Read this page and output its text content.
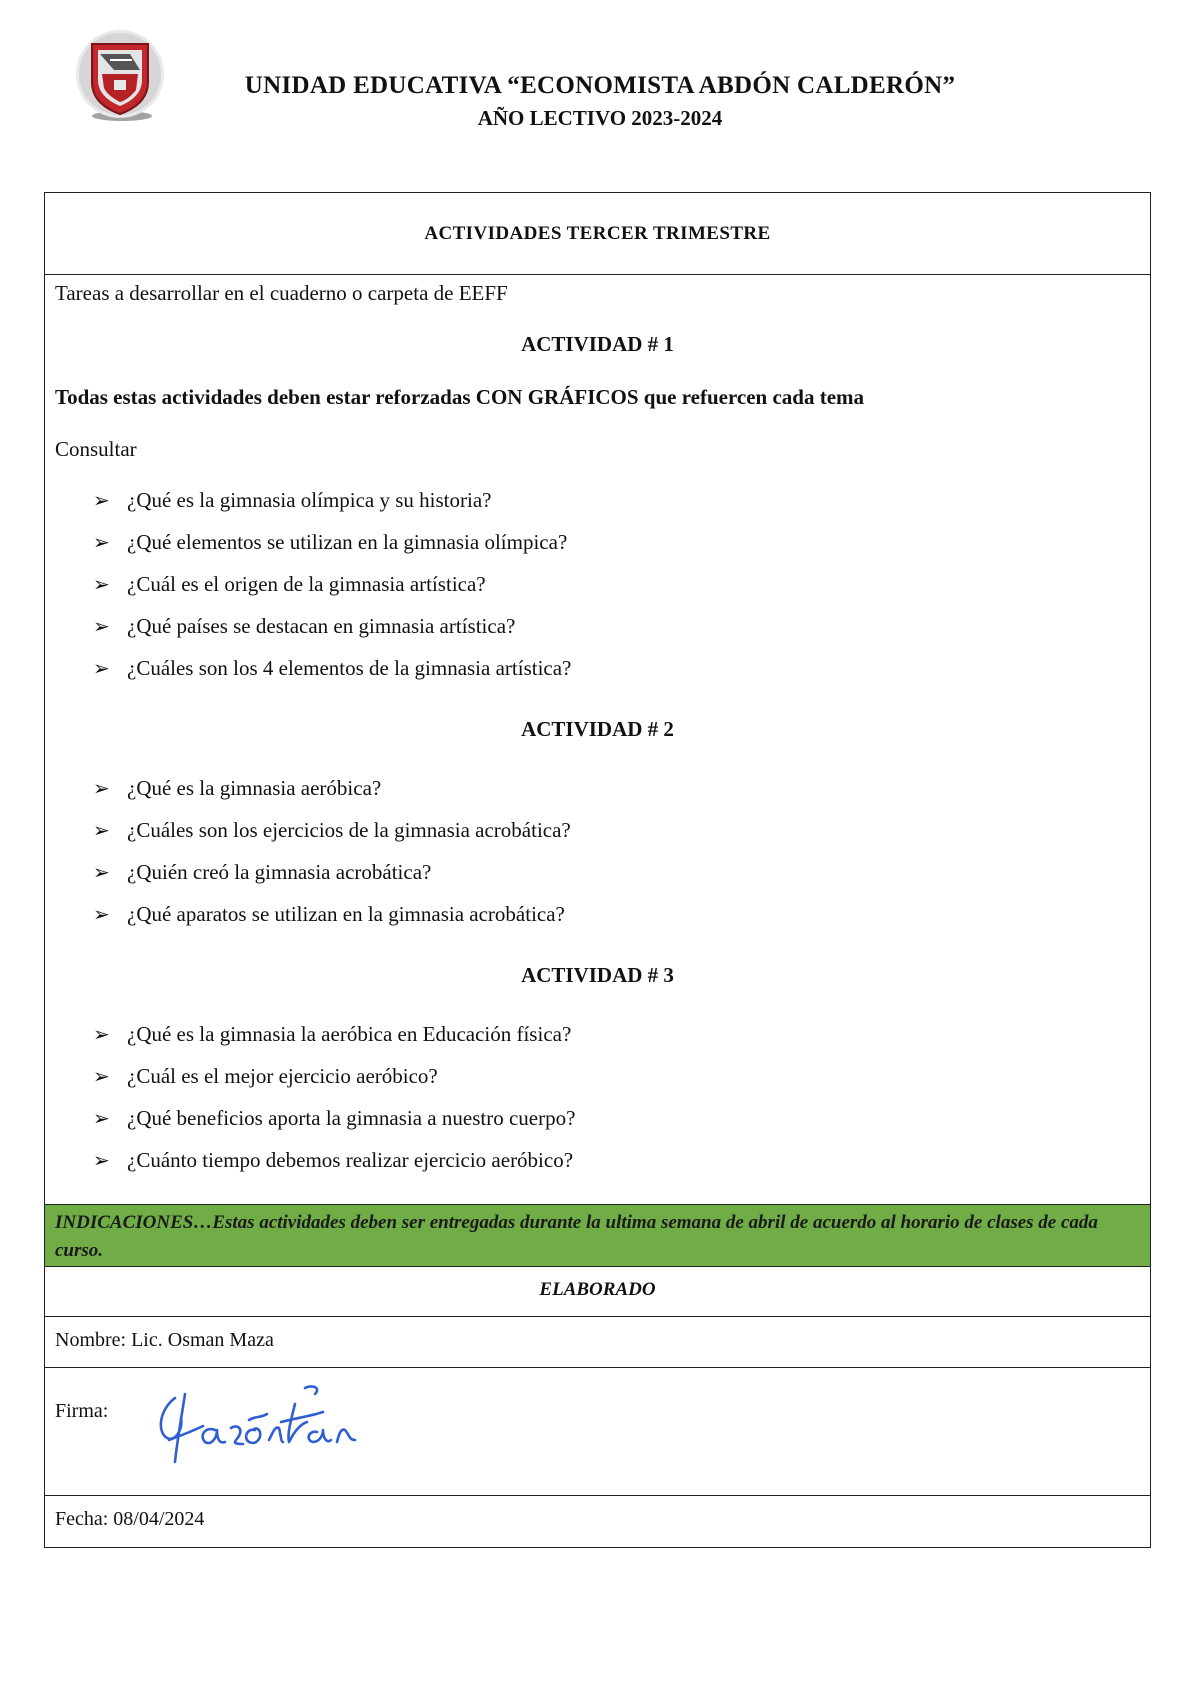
UNIDAD EDUCATIVA “ECONOMISTA ABDÓN CALDERÓN”
AÑO LECTIVO 2023-2024
ACTIVIDADES TERCER TRIMESTRE
Tareas a desarrollar en el cuaderno o carpeta de EEFF
ACTIVIDAD # 1
Todas estas actividades deben estar reforzadas CON GRÁFICOS que refuercen cada tema
Consultar
➢ ¿Qué es la gimnasia olímpica y su historia?
➢ ¿Qué elementos se utilizan en la gimnasia olímpica?
➢ ¿Cuál es el origen de la gimnasia artística?
➢ ¿Qué países se destacan en gimnasia artística?
➢ ¿Cuáles son los 4 elementos de la gimnasia artística?
ACTIVIDAD # 2
➢ ¿Qué es la gimnasia aeróbica?
➢ ¿Cuáles son los ejercicios de la gimnasia acrobática?
➢ ¿Quién creó la gimnasia acrobática?
➢ ¿Qué aparatos se utilizan en la gimnasia acrobática?
ACTIVIDAD # 3
➢ ¿Qué es la gimnasia la aeróbica en Educación física?
➢ ¿Cuál es el mejor ejercicio aeróbico?
➢ ¿Qué beneficios aporta la gimnasia a nuestro cuerpo?
➢ ¿Cuánto tiempo debemos realizar ejercicio aeróbico?
INDICACIONES…Estas actividades deben ser entregadas durante la ultima semana de abril de acuerdo al horario de clases de cada curso.
ELABORADO
Nombre: Lic. Osman Maza
Firma:
Fecha: 08/04/2024
